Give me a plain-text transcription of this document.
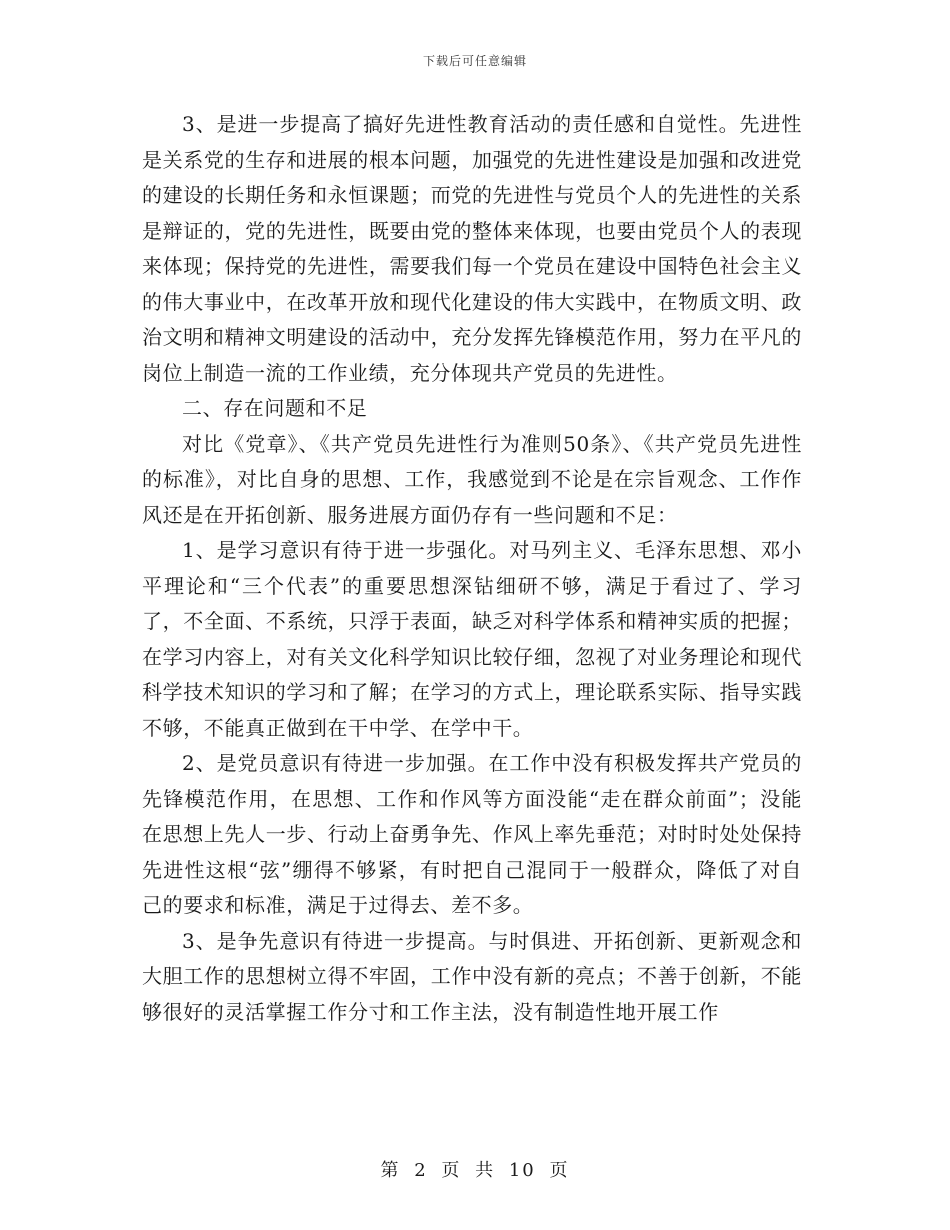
下载后可任意编辑

3、是进一步提高了搞好先进性教育活动的责任感和自觉性。先进性是关系党的生存和进展的根本问题，加强党的先进性建设是加强和改进党的建设的长期任务和永恒课题；而党的先进性与党员个人的先进性的关系是辩证的，党的先进性，既要由党的整体来体现，也要由党员个人的表现来体现；保持党的先进性，需要我们每一个党员在建设中国特色社会主义的伟大事业中，在改革开放和现代化建设的伟大实践中，在物质文明、政治文明和精神文明建设的活动中，充分发挥先锋模范作用，努力在平凡的岗位上制造一流的工作业绩，充分体现共产党员的先进性。

二、存在问题和不足

对比《党章》、《共产党员先进性行为准则50条》、《共产党员先进性的标准》，对比自身的思想、工作，我感觉到不论是在宗旨观念、工作作风还是在开拓创新、服务进展方面仍存有一些问题和不足：

1、是学习意识有待于进一步强化。对马列主义、毛泽东思想、邓小平理论和“三个代表”的重要思想深钻细研不够，满足于看过了、学习了，不全面、不系统，只浮于表面，缺乏对科学体系和精神实质的把握；在学习内容上，对有关文化科学知识比较仔细，忽视了对业务理论和现代科学技术知识的学习和了解；在学习的方式上，理论联系实际、指导实践不够，不能真正做到在干中学、在学中干。

2、是党员意识有待进一步加强。在工作中没有积极发挥共产党员的先锋模范作用，在思想、工作和作风等方面没能“走在群众前面”；没能在思想上先人一步、行动上奋勇争先、作风上率先垂范；对时时处处保持先进性这根“弦”绷得不够紧，有时把自己混同于一般群众，降低了对自己的要求和标准，满足于过得去、差不多。

3、是争先意识有待进一步提高。与时俱进、开拓创新、更新观念和大胆工作的思想树立得不牢固，工作中没有新的亮点；不善于创新，不能够很好的灵活掌握工作分寸和工作主法，没有制造性地开展工作

第 2 页 共 10 页
